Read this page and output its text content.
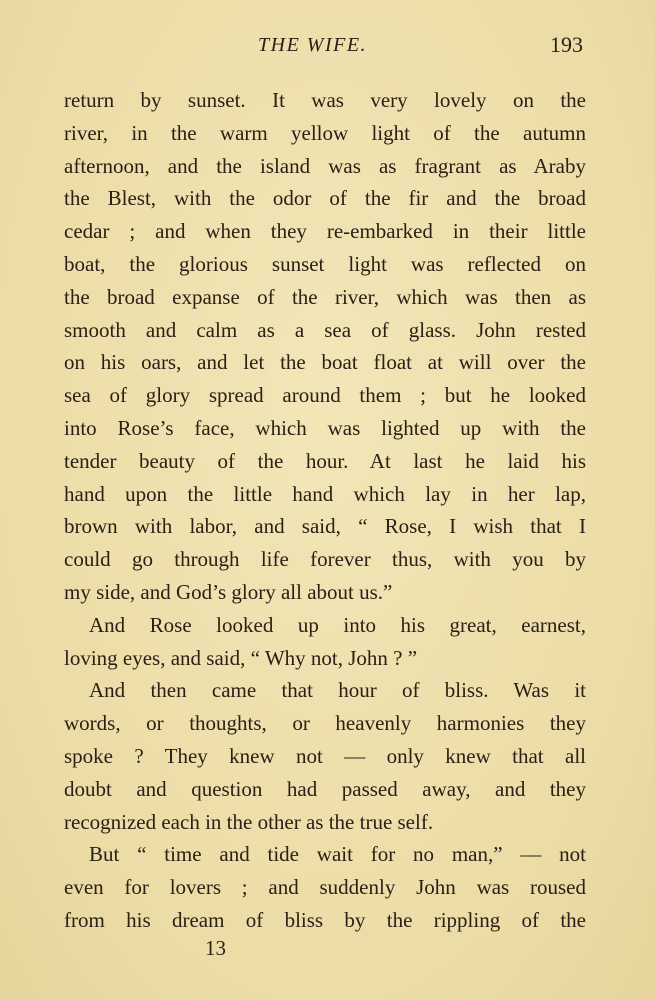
THE WIFE.	193
return by sunset. It was very lovely on the
river, in the warm yellow light of the autumn
afternoon, and the island was as fragrant as Araby
the Blest, with the odor of the fir and the broad
cedar ; and when they re-embarked in their little
boat, the glorious sunset light was reflected on
the broad expanse of the river, which was then as
smooth and calm as a sea of glass. John rested
on his oars, and let the boat float at will over the
sea of glory spread around them ; but he looked
into Rose’s face, which was lighted up with the
tender beauty of the hour. At last he laid his
hand upon the little hand which lay in her lap,
brown with labor, and said, “ Rose, I wish that I
could go through life forever thus, with you by
my side, and God’s glory all about us.”
And Rose looked up into his great, earnest,
loving eyes, and said, “ Why not, John ? ”
And then came that hour of bliss. Was it
words, or thoughts, or heavenly harmonies they
spoke ? They knew not — only knew that all
doubt and question had passed away, and they
recognized each in the other as the true self.
But “ time and tide wait for no man,” — not
even for lovers ; and suddenly John was roused
from his dream of bliss by the rippling of the
13
